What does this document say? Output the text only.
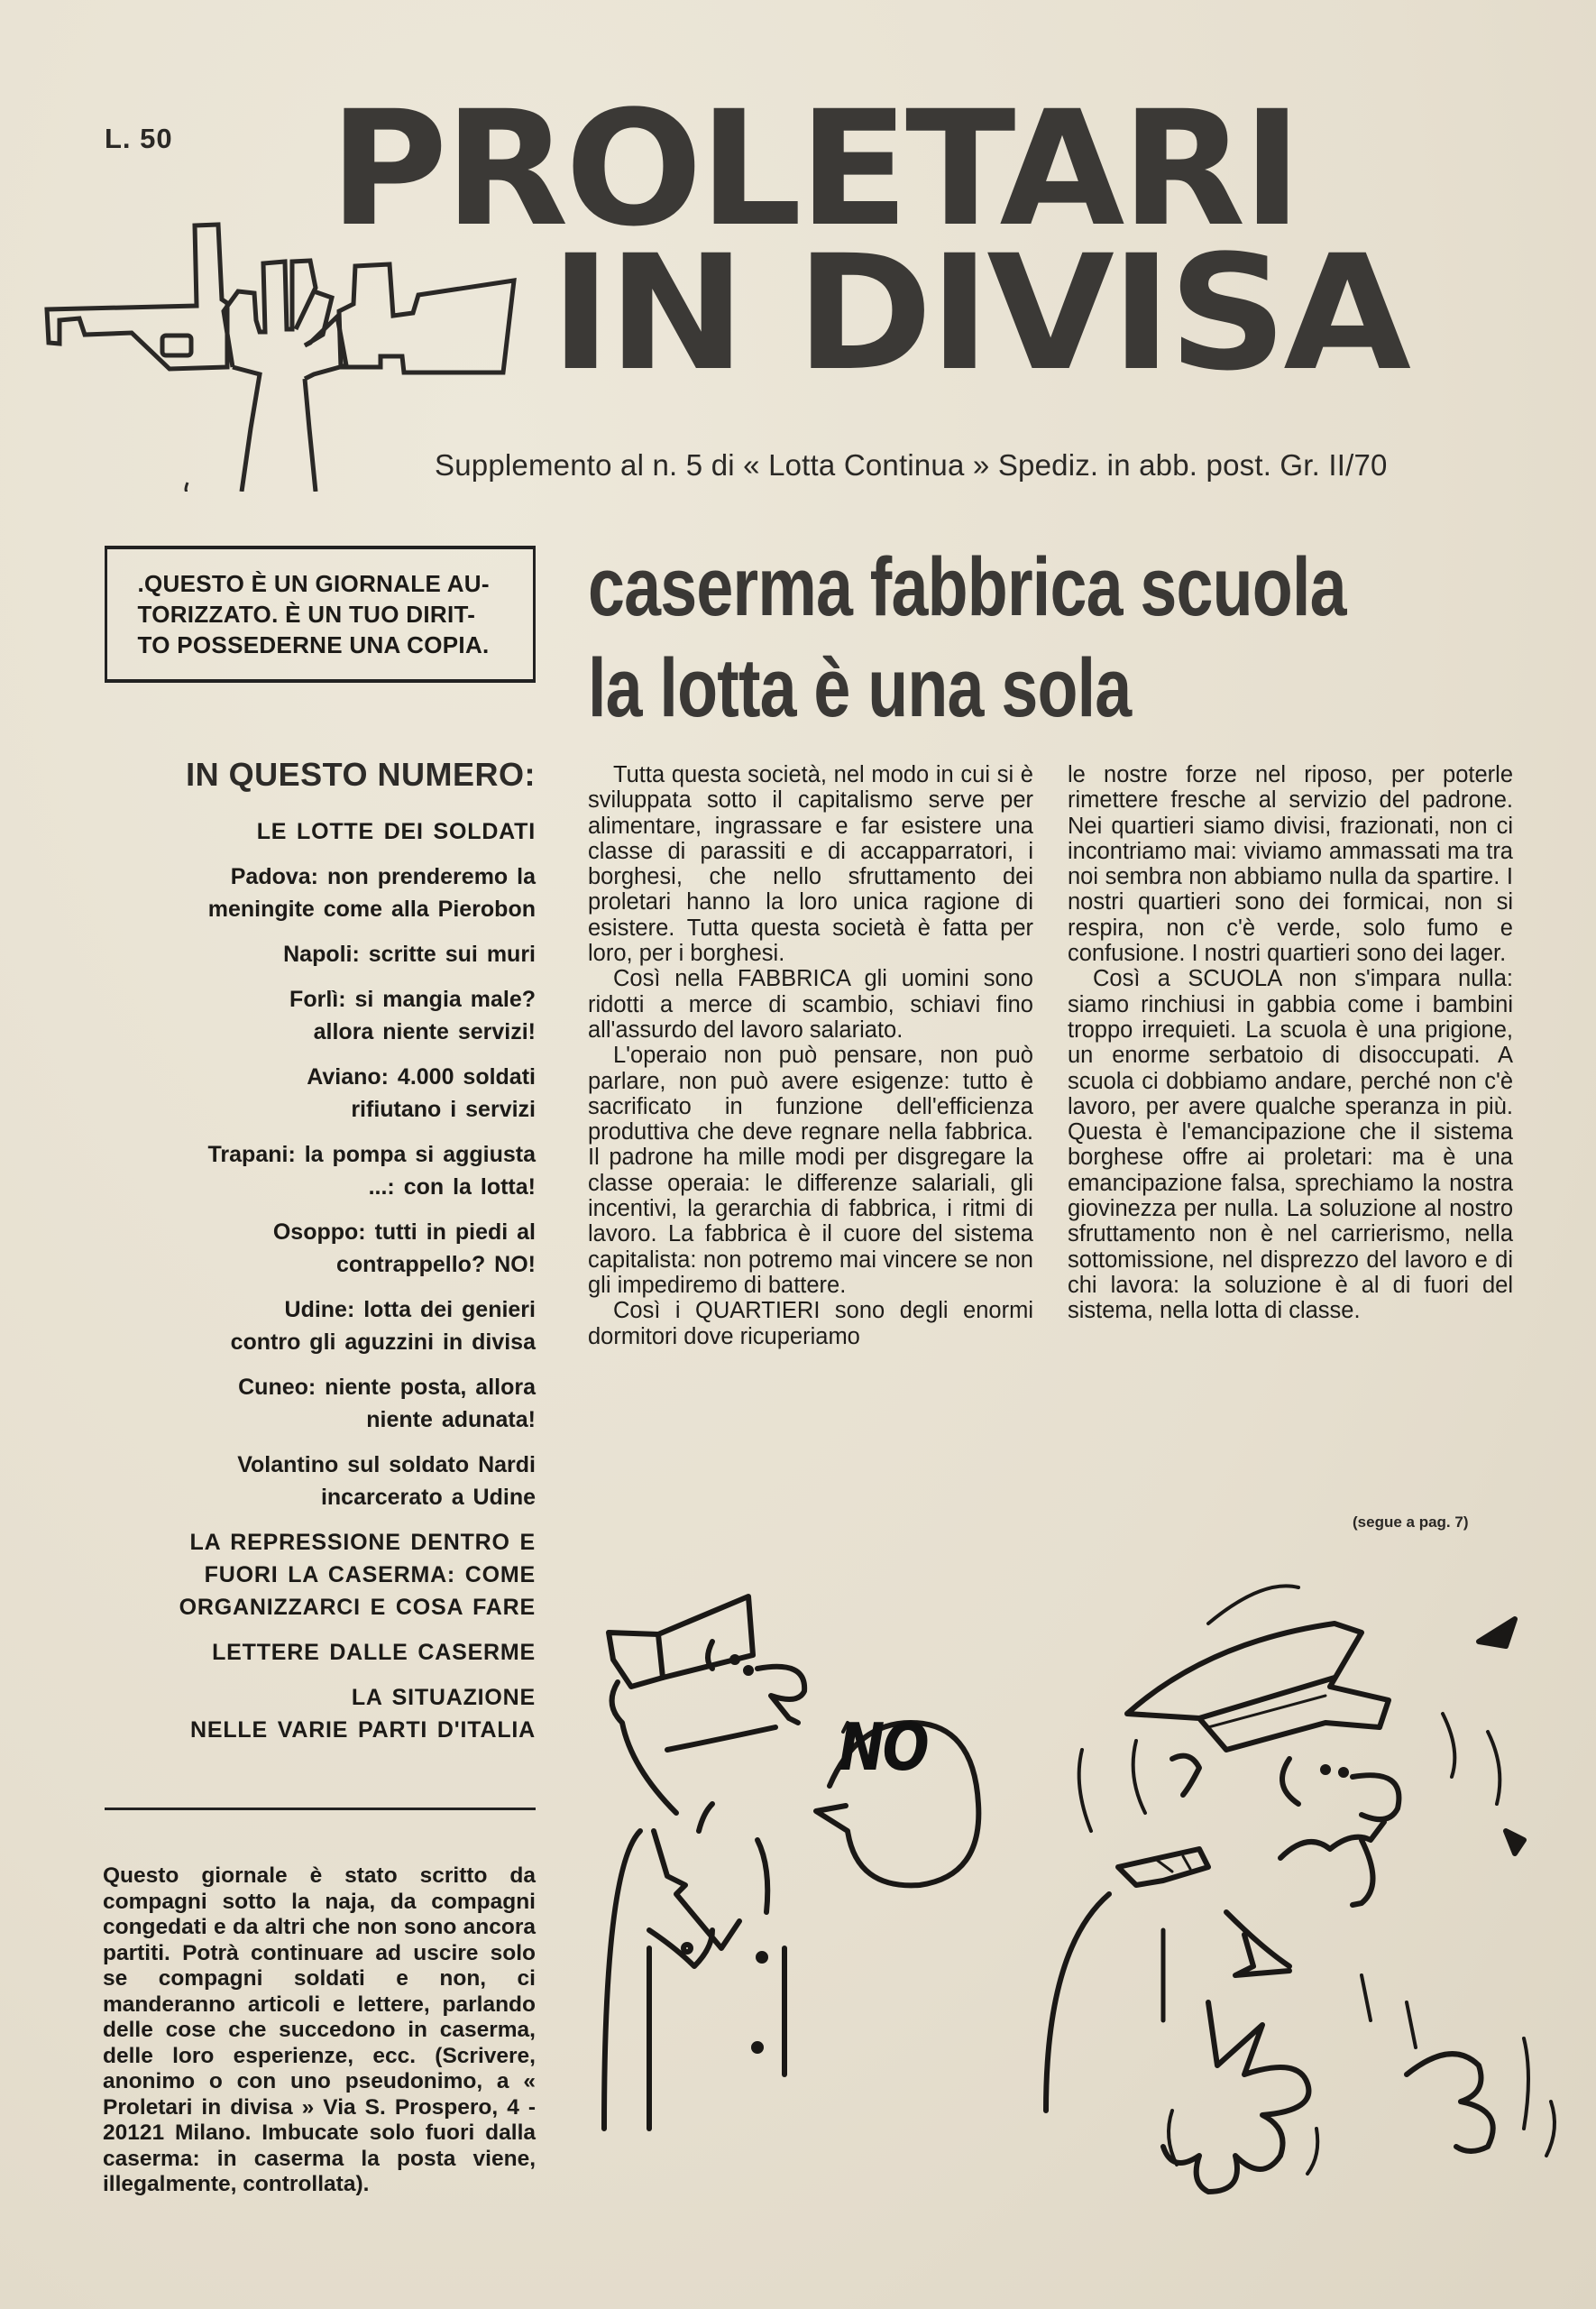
L. 50 PROLETARI
IN DIVISA
Supplemento al n. 5 di « Lotta Continua » Spediz. in abb. post. Gr. II/70
.QUESTO È UN GIORNALE AU-
TORIZZATO. È UN TUO DIRIT-
TO POSSEDERNE UNA COPIA.
caserma fabbrica scuola
la lotta è una sola
IN QUESTO NUMERO:
LE LOTTE DEI SOLDATI
Padova: non prenderemo la
meningite come alla Pierobon
Napoli: scritte sui muri
Forlì: si mangia male?
allora niente servizi!
Aviano: 4.000 soldati
rifiutano i servizi
Trapani: la pompa si aggiusta
...: con la lotta!
Osoppo: tutti in piedi al
contrappello? NO!
Udine: lotta dei genieri
contro gli aguzzini in divisa
Cuneo: niente posta, allora
niente adunata!
Volantino sul soldato Nardi
incarcerato a Udine
LA REPRESSIONE DENTRO E
FUORI LA CASERMA: COME
ORGANIZZARCI E COSA FARE
LETTERE DALLE CASERME
LA SITUAZIONE
NELLE VARIE PARTI D'ITALIA
Questo giornale è stato scritto da compagni sotto la naja, da compagni congedati e da altri che non sono ancora partiti. Potrà continuare ad uscire solo se compagni soldati e non, ci manderanno articoli e lettere, parlando delle cose che succedono in caserma, delle loro esperienze, ecc. (Scrivere, anonimo o con uno pseudonimo, a « Proletari in divisa » Via S. Prospero, 4 - 20121 Milano. Imbucate solo fuori dalla caserma: in caserma la posta viene, illegalmente, controllata).

Tutta questa società, nel modo in cui si è sviluppata sotto il capitalismo serve per alimentare, ingrassare e far esistere una classe di parassiti e di accapparratori, i borghesi, che nello sfruttamento dei proletari hanno la loro unica ragione di esistere. Tutta questa società è fatta per loro, per i borghesi.

Così nella FABBRICA gli uomini sono ridotti a merce di scambio, schiavi fino all'assurdo del lavoro salariato.

L'operaio non può pensare, non può parlare, non può avere esigenze: tutto è sacrificato in funzione dell'efficienza produttiva che deve regnare nella fabbrica. Il padrone ha mille modi per disgregare la classe operaia: le differenze salariali, gli incentivi, la gerarchia di fabbrica, i ritmi di lavoro. La fabbrica è il cuore del sistema capitalista: non potremo mai vincere se non gli impediremo di battere.

Così i QUARTIERI sono degli enormi dormitori dove ricuperiamo

le nostre forze nel riposo, per poterle rimettere fresche al servizio del padrone. Nei quartieri siamo divisi, frazionati, non ci incontriamo mai: viviamo ammassati ma tra noi sembra non abbiamo nulla da spartire. I nostri quartieri sono dei formicai, non si respira, non c'è verde, solo fumo e confusione. I nostri quartieri sono dei lager.

Così a SCUOLA non s'impara nulla: siamo rinchiusi in gabbia come i bambini troppo irrequieti. La scuola è una prigione, un enorme serbatoio di disoccupati. A scuola ci dobbiamo andare, perché non c'è lavoro, per avere qualche speranza in più. Questa è l'emancipazione che il sistema borghese offre ai proletari: ma è una emancipazione falsa, sprechiamo la nostra giovinezza per nulla. La soluzione al nostro sfruttamento non è nel carrierismo, nella sottomissione, nel disprezzo del lavoro e di chi lavora: la soluzione è al di fuori del sistema, nella lotta di classe.

(segue a pag. 7)
NO
